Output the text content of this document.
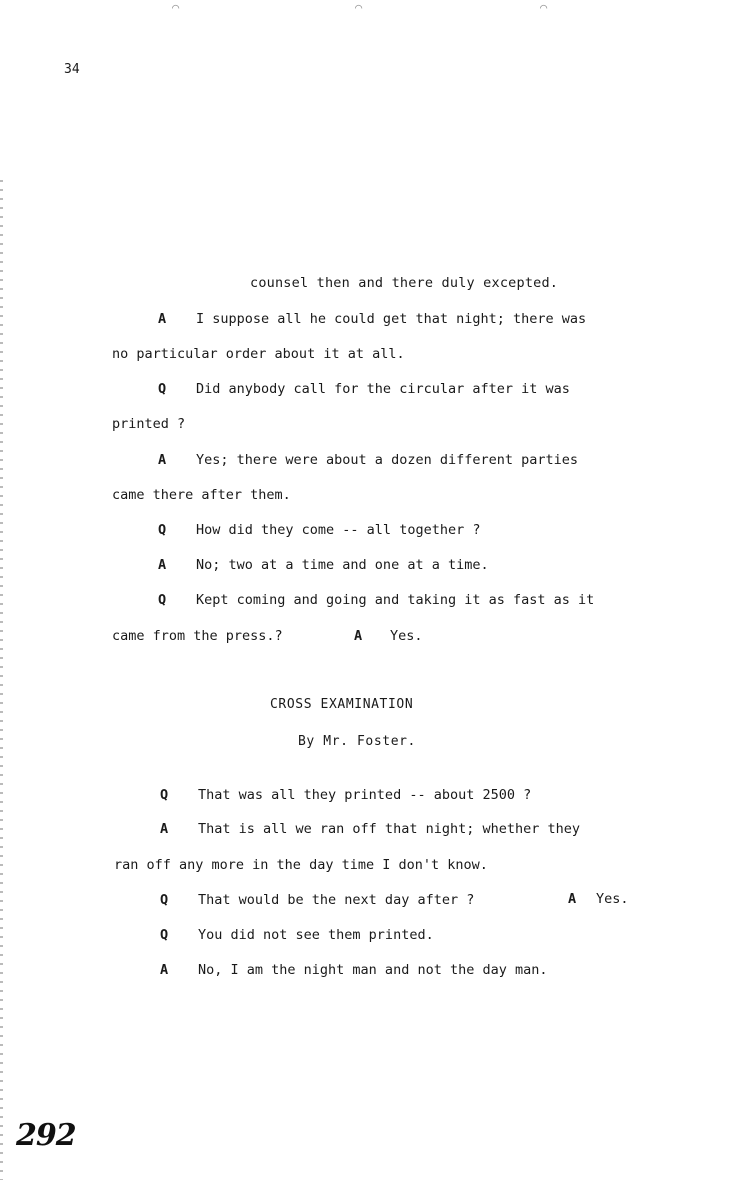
⌒	⌒	⌒
34
counsel then and there duly excepted.
A I suppose all he could get that night; there was
no particular order about it at all.
Q Did anybody call for the circular after it was
printed ?
A Yes; there were about a dozen different parties
came there after them.
Q How did they come -- all together ?
A No; two at a time and one at a time.
Q Kept coming and going and taking it as fast as it
came from the press.?	A Yes.
CROSS EXAMINATION
By Mr. Foster.
Q That was all they printed -- about 2500 ?
A That is all we ran off that night; whether they
ran off any more in the day time I don't know.
Q That would be the next day after ?	A Yes.
Q You did not see them printed.
A No, I am the night man and not the day man.
292
